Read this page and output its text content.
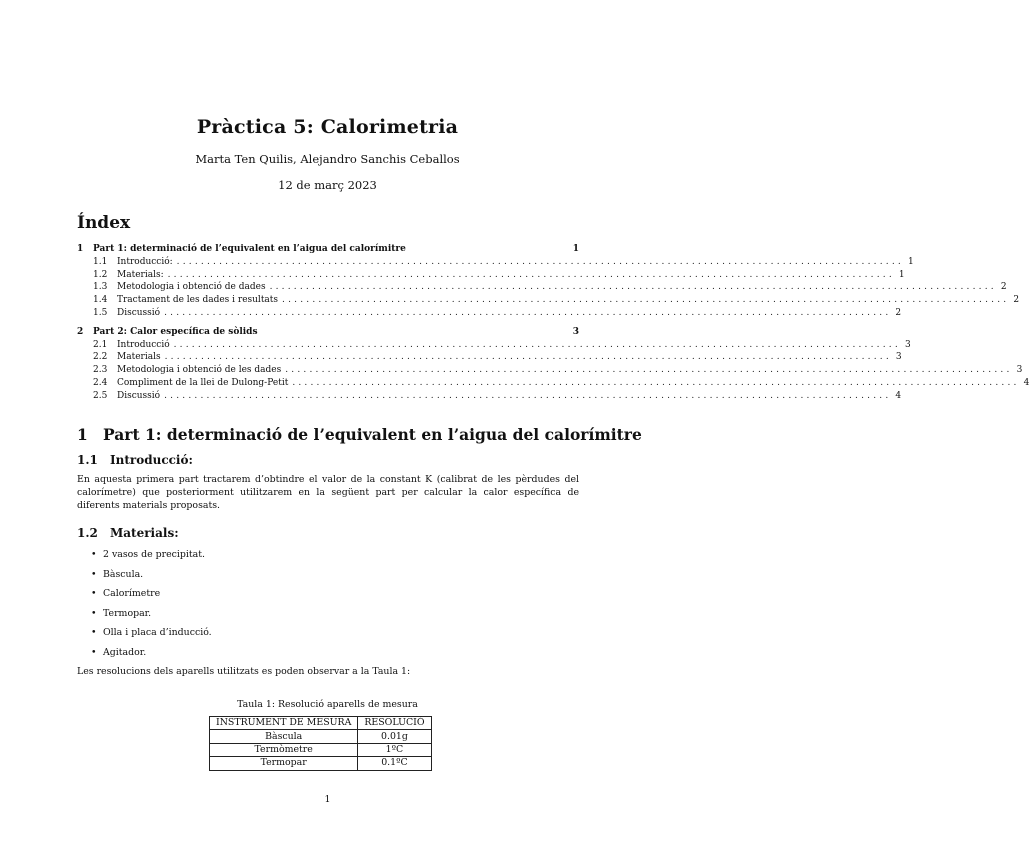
Pràctica 5: Calorimetria
Marta Ten Quilis, Alejandro Sanchis Ceballos
12 de març 2023
Índex
1	Part 1: determinació de l’equivalent en l’aigua del calorímitre	1
1.1	Introducció: ........................................................................................................................ 1
1.2	Materials: ........................................................................................................................ 1
1.3	Metodologia i obtenció de dades ........................................................................................................................ 2
1.4	Tractament de les dades i resultats ........................................................................................................................ 2
1.5	Discussió ........................................................................................................................ 2
2	Part 2: Calor específica de sòlids	3
2.1	Introducció ........................................................................................................................ 3
2.2	Materials ........................................................................................................................ 3
2.3	Metodologia i obtenció de les dades ........................................................................................................................ 3
2.4	Compliment de la llei de Dulong-Petit ........................................................................................................................ 4
2.5	Discussió ........................................................................................................................ 4
1 Part 1: determinació de l’equivalent en l’aigua del calorímitre
1.1 Introducció:
En aquesta primera part tractarem d’obtindre el valor de la constant K (calibrat de les pèrdudes del calorímetre) que posteriorment utilitzarem en la següent part per calcular la calor específica de diferents materials proposats.
1.2 Materials:
• 2 vasos de precipitat.
• Bàscula.
• Calorímetre
• Termopar.
• Olla i placa d’inducció.
• Agitador.
Les resolucions dels aparells utilitzats es poden observar a la Taula 1:
Taula 1: Resolució aparells de mesura
INSTRUMENT DE MESURA	RESOLUCIÓ
Bàscula	0.01g
Termòmetre	1ºC
Termopar	0.1ºC
1
